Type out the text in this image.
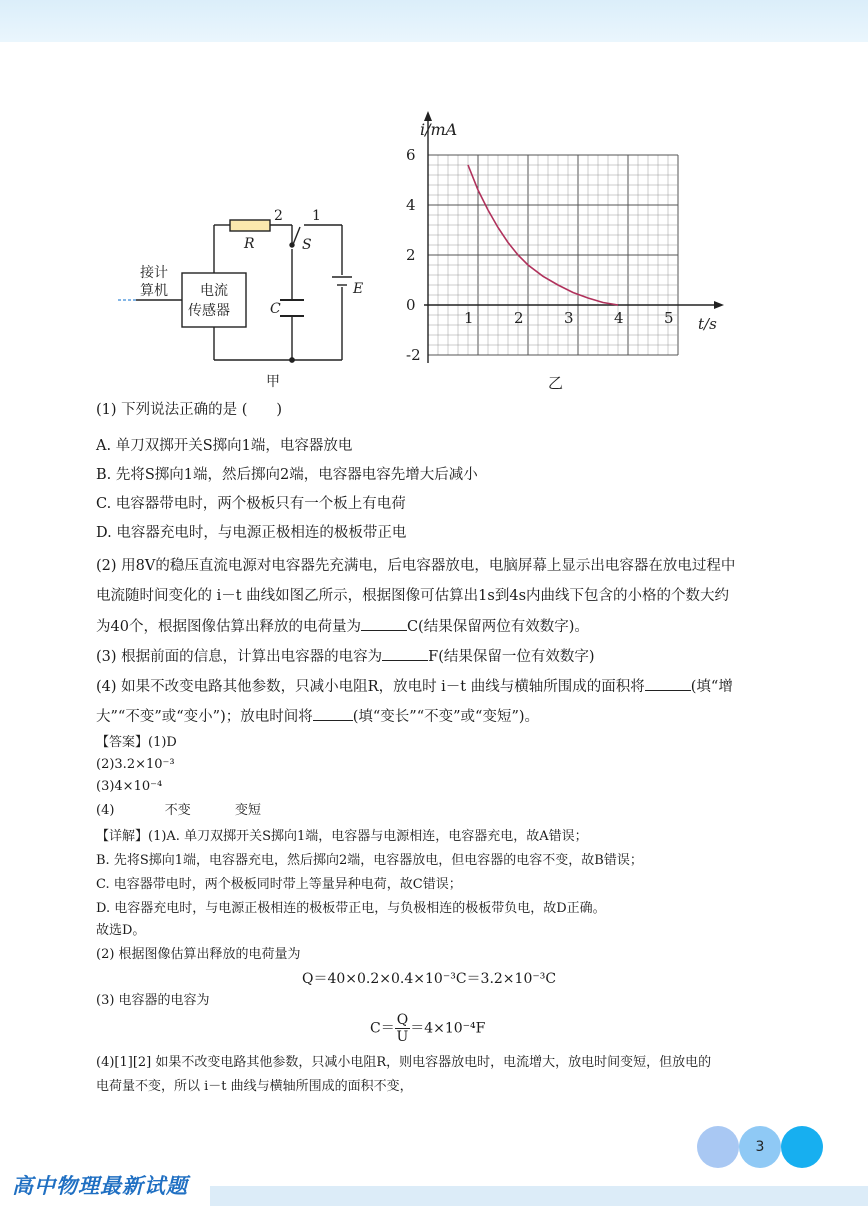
接计
算机 电流
传感器
R	S
C
E
2 1
甲
i/mA
t/s
1	2	3	4	5
6
4
2
0
-2
乙
(1) 下列说法正确的是 (　　)
A. 单刀双掷开关S掷向1端，电容器放电
B. 先将S掷向1端，然后掷向2端，电容器电容先增大后减小
C. 电容器带电时，两个极板只有一个板上有电荷
D. 电容器充电时，与电源正极相连的极板带正电
(2) 用8V的稳压直流电源对电容器先充满电，后电容器放电，电脑屏幕上显示出电容器在放电过程中
电流随时间变化的 i－t 曲线如图乙所示，根据图像可估算出1s到4s内曲线下包含的小格的个数大约
为40个，根据图像估算出释放的电荷量为	C(结果保留两位有效数字)。
(3) 根据前面的信息，计算出电容器的电容为	F(结果保留一位有效数字)
(4) 如果不改变电路其他参数，只减小电阻R，放电时 i－t 曲线与横轴所围成的面积将	(填“增
大”“不变”或“变小”)；放电时间将	(填“变长”“不变”或“变短”)。
【答案】(1)D
(2)3.2×10⁻³
(3)4×10⁻⁴
(4)	不变	变短
【详解】(1)A. 单刀双掷开关S掷向1端，电容器与电源相连，电容器充电，故A错误；
B. 先将S掷向1端，电容器充电，然后掷向2端，电容器放电，但电容器的电容不变，故B错误；
C. 电容器带电时，两个极板同时带上等量异种电荷，故C错误；
D. 电容器充电时，与电源正极相连的极板带正电，与负极相连的极板带负电，故D正确。
故选D。
(2) 根据图像估算出释放的电荷量为
Q＝40×0.2×0.4×10⁻³C＝3.2×10⁻³C
(3) 电容器的电容为
$C= \frac{Q}{U} =4\times 10^{-4}F$
(4)[1][2] 如果不改变电路其他参数，只减小电阻R，则电容器放电时，电流增大，放电时间变短，但放电的
电荷量不变，所以 i－t 曲线与横轴所围成的面积不变，
3
高中物理最新试题
